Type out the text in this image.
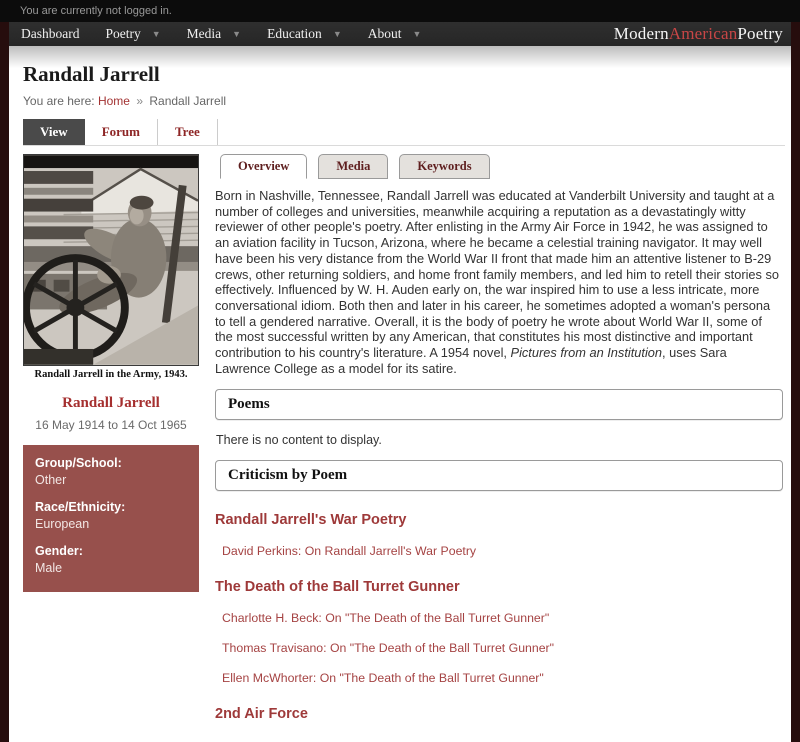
You are currently not logged in.
Dashboard Poetry ▼ Media ▼ Education ▼ About ▼	ModernAmericanPoetry
Randall Jarrell
You are here: Home » Randall Jarrell
View	Forum	Tree
Randall Jarrell in the Army, 1943.
Randall Jarrell
16 May 1914 to 14 Oct 1965
Group/School:
Other
Race/Ethnicity:
European
Gender:
Male
Overview	Media	Keywords

Born in Nashville, Tennessee, Randall Jarrell was educated at Vanderbilt University and taught at a number of colleges and universities, meanwhile acquiring a reputation as a devastatingly witty reviewer of other people's poetry. After enlisting in the Army Air Force in 1942, he was assigned to an aviation facility in Tucson, Arizona, where he became a celestial training navigator. It may well have been his very distance from the World War II front that made him an attentive listener to B-29 crews, other returning soldiers, and home front family members, and led him to retell their stories so effectively. Influenced by W. H. Auden early on, the war inspired him to use a less intricate, more conversational idiom. Both then and later in his career, he sometimes adopted a woman's persona to tell a gendered narrative. Overall, it is the body of poetry he wrote about World War II, some of the most successful written by any American, that constitutes his most distinctive and important contribution to his country's literature. A 1954 novel, Pictures from an Institution, uses Sara Lawrence College as a model for its satire.

Poems
There is no content to display.
Criticism by Poem
Randall Jarrell's War Poetry
David Perkins: On Randall Jarrell's War Poetry
The Death of the Ball Turret Gunner
Charlotte H. Beck: On "The Death of the Ball Turret Gunner"
Thomas Travisano: On "The Death of the Ball Turret Gunner"
Ellen McWhorter: On "The Death of the Ball Turret Gunner"
2nd Air Force
